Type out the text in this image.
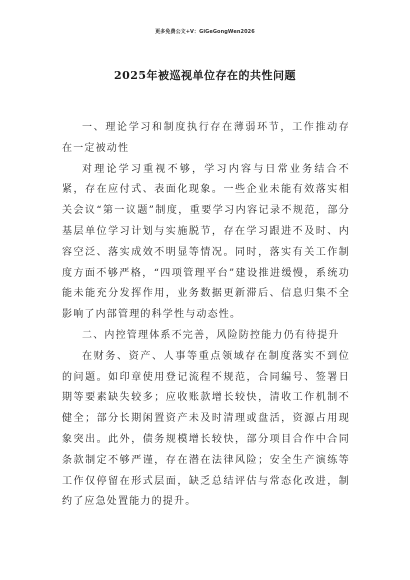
更多免费公文+V：GiGeGongWen2026
2025年被巡视单位存在的共性问题

一、理论学习和制度执行存在薄弱环节，工作推动存在一定被动性

对理论学习重视不够，学习内容与日常业务结合不紧，存在应付式、表面化现象。一些企业未能有效落实相关会议“第一议题”制度，重要学习内容记录不规范，部分基层单位学习计划与实施脱节，存在学习跟进不及时、内容空泛、落实成效不明显等情况。同时，落实有关工作制度方面不够严格，“四项管理平台”建设推进缓慢，系统功能未能充分发挥作用，业务数据更新滞后、信息归集不全影响了内部管理的科学性与动态性。

二、内控管理体系不完善，风险防控能力仍有待提升

在财务、资产、人事等重点领域存在制度落实不到位的问题。如印章使用登记流程不规范，合同编号、签署日期等要素缺失较多；应收账款增长较快，清收工作机制不健全；部分长期闲置资产未及时清理或盘活，资源占用现象突出。此外，债务规模增长较快，部分项目合作中合同条款制定不够严谨，存在潜在法律风险；安全生产演练等工作仅停留在形式层面，缺乏总结评估与常态化改进，制约了应急处置能力的提升。
